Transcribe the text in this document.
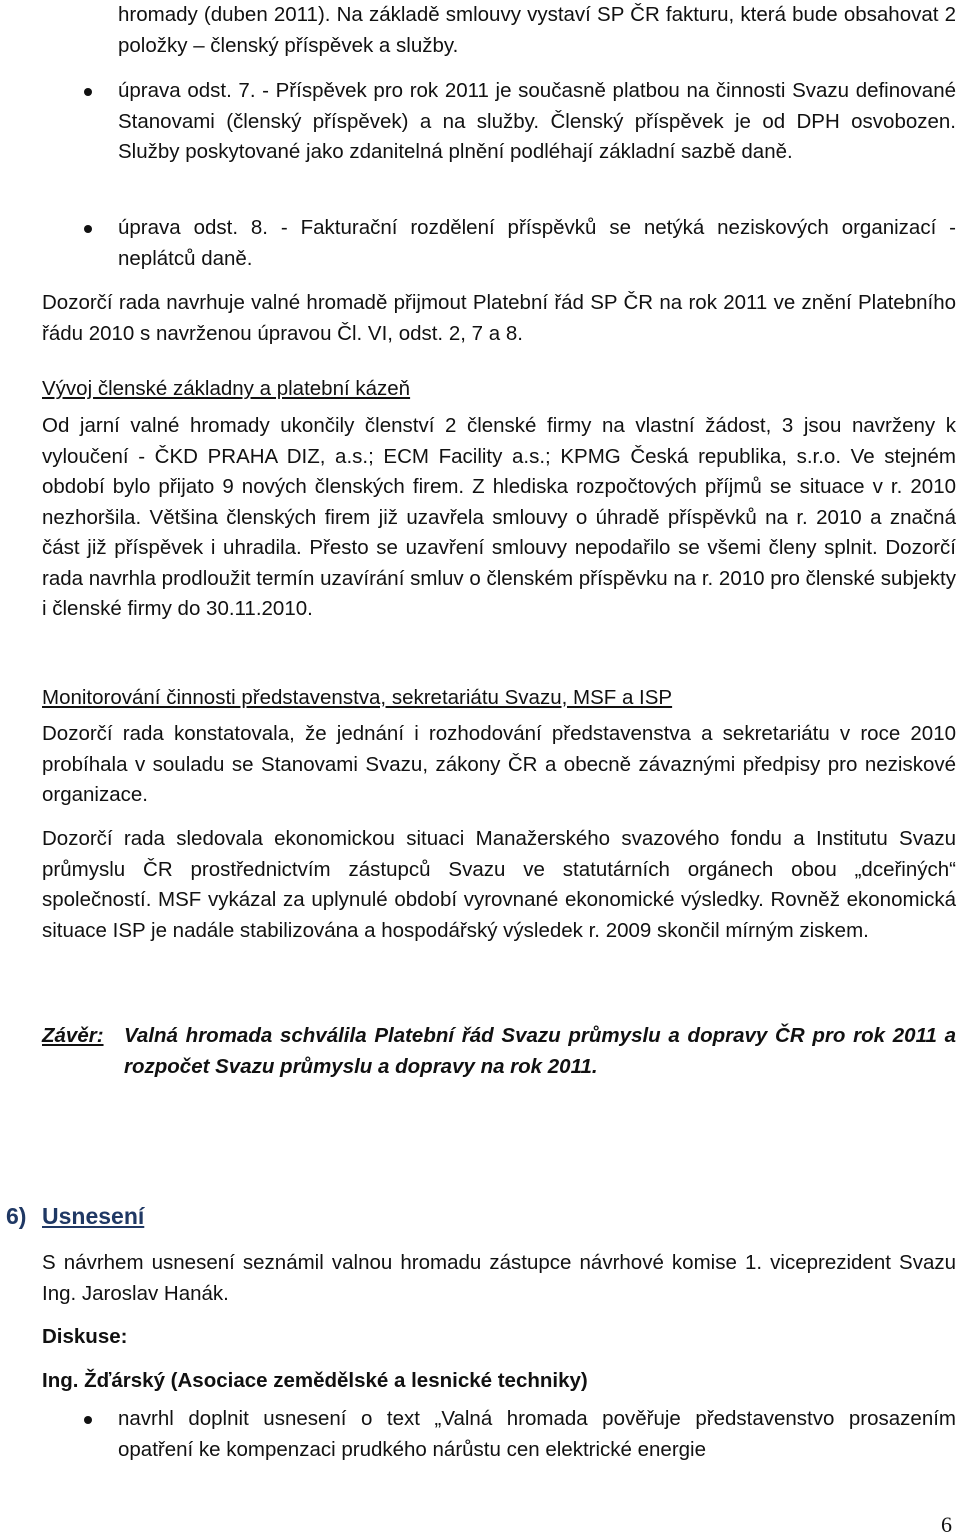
hromady (duben 2011). Na základě smlouvy vystaví SP ČR fakturu, která bude obsahovat 2 položky – členský příspěvek a služby.
úprava odst. 7. - Příspěvek pro rok 2011 je současně platbou na činnosti Svazu definované Stanovami (členský příspěvek) a na služby. Členský příspěvek je od DPH osvobozen. Služby poskytované jako zdanitelná plnění podléhají základní sazbě daně.
úprava odst. 8. - Fakturační rozdělení příspěvků se netýká neziskových organizací - neplátců daně.
Dozorčí rada navrhuje valné hromadě přijmout Platební řád SP ČR na rok 2011 ve znění Platebního řádu 2010 s navrženou úpravou Čl. VI, odst. 2, 7 a 8.
Vývoj členské základny a platební kázeň
Od jarní valné hromady ukončily členství 2 členské firmy na vlastní žádost, 3 jsou navrženy k vyloučení - ČKD PRAHA DIZ, a.s.; ECM Facility a.s.; KPMG Česká republika, s.r.o. Ve stejném období bylo přijato 9 nových členských firem. Z hlediska rozpočtových příjmů se situace v r. 2010 nezhoršila. Většina členských firem již uzavřela smlouvy o úhradě příspěvků na r. 2010 a značná část již příspěvek i uhradila. Přesto se uzavření smlouvy nepodařilo se všemi členy splnit. Dozorčí rada navrhla prodloužit termín uzavírání smluv o členském příspěvku na r. 2010 pro členské subjekty i členské firmy do 30.11.2010.
Monitorování činnosti představenstva, sekretariátu Svazu, MSF a ISP
Dozorčí rada konstatovala, že jednání i rozhodování představenstva a sekretariátu v roce 2010 probíhala v souladu se Stanovami Svazu, zákony ČR a obecně závaznými předpisy pro neziskové organizace.
Dozorčí rada sledovala ekonomickou situaci Manažerského svazového fondu a Institutu Svazu průmyslu ČR prostřednictvím zástupců Svazu ve statutárních orgánech obou „dceřiných“ společností. MSF vykázal za uplynulé období vyrovnané ekonomické výsledky. Rovněž ekonomická situace ISP je nadále stabilizována a hospodářský výsledek r. 2009 skončil mírným ziskem.
Závěr: Valná hromada schválila Platební řád Svazu průmyslu a dopravy ČR pro rok 2011 a rozpočet Svazu průmyslu a dopravy na rok 2011.
6) Usnesení
S návrhem usnesení seznámil valnou hromadu zástupce návrhové komise 1. viceprezident Svazu Ing. Jaroslav Hanák.
Diskuse:
Ing. Žďárský (Asociace zemědělské a lesnické techniky)
navrhl doplnit usnesení o text „Valná hromada pověřuje představenstvo prosazením opatření ke kompenzaci prudkého nárůstu cen elektrické energie
6
